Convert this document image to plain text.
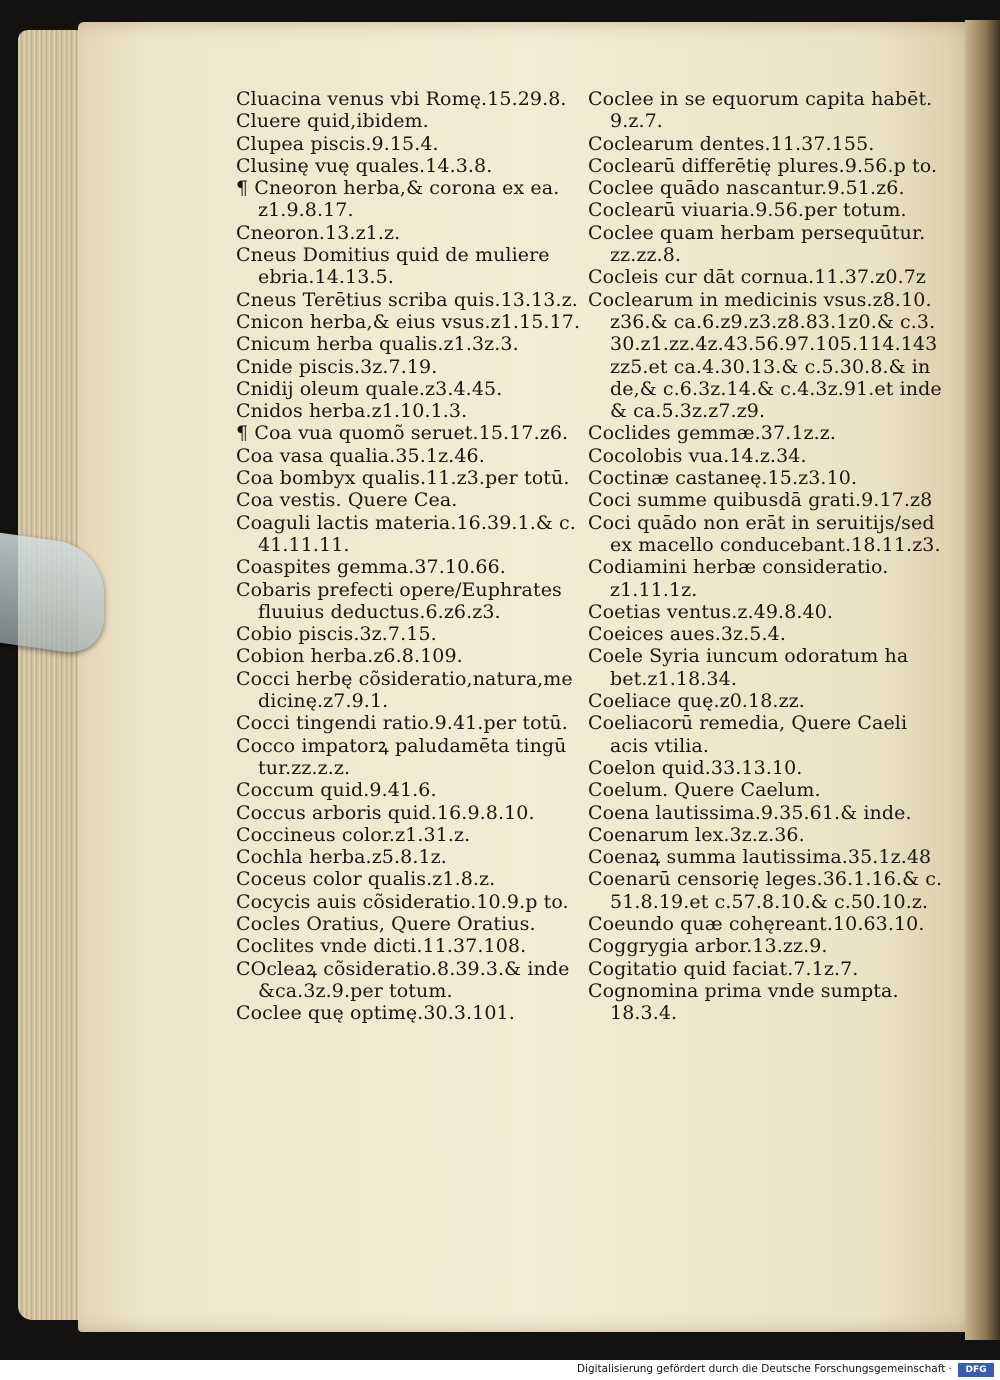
Cluacina venus vbi Romę.15.29.8.
Cluere quid,ibidem.
Clupea piscis.9.15.4.
Clusinę vuę quales.14.3.8.
¶ Cneoron herba,& corona ex ea.
z1.9.8.17.
Cneoron.13.z1.z.
Cneus Domitius quid de muliere
ebria.14.13.5.
Cneus Terētius scriba quis.13.13.z.
Cnicon herba,& eius vsus.z1.15.17.
Cnicum herba qualis.z1.3z.3.
Cnide piscis.3z.7.19.
Cnidij oleum quale.z3.4.45.
Cnidos herba.z1.10.1.3.
¶ Coa vua quomõ seruet.15.17.z6.
Coa vasa qualia.35.1z.46.
Coa bombyx qualis.11.z3.per totū.
Coa vestis. Quere Cea.
Coaguli lactis materia.16.39.1.& c.
41.11.11.
Coaspites gemma.37.10.66.
Cobaris prefecti opere/Euphrates
fluuius deductus.6.z6.z3.
Cobio piscis.3z.7.15.
Cobion herba.z6.8.109.
Cocci herbę cõsideratio,natura,me
dicinę.z7.9.1.
Cocci tingendi ratio.9.41.per totū.
Cocco impatorꝝ paludamēta tingū
tur.zz.z.z.
Coccum quid.9.41.6.
Coccus arboris quid.16.9.8.10.
Coccineus color.z1.31.z.
Cochla herba.z5.8.1z.
Coceus color qualis.z1.8.z.
Cocycis auis cõsideratio.10.9.p to.
Cocles Oratius, Quere Oratius.
Coclites vnde dicti.11.37.108.
COcleaꝝ cõsideratio.8.39.3.& inde
&ca.3z.9.per totum.
Coclee quę optimę.30.3.101.
Coclee in se equorum capita habēt.
9.z.7.
Coclearum dentes.11.37.155.
Coclearū differētię plures.9.56.p to.
Coclee quādo nascantur.9.51.z6.
Coclearū viuaria.9.56.per totum.
Coclee quam herbam persequūtur.
zz.zz.8.
Cocleis cur dāt cornua.11.37.z0.7z
Coclearum in medicinis vsus.z8.10.
z36.& ca.6.z9.z3.z8.83.1z0.& c.3.
30.z1.zz.4z.43.56.97.105.114.143
zz5.et ca.4.30.13.& c.5.30.8.& in
de,& c.6.3z.14.& c.4.3z.91.et inde
& ca.5.3z.z7.z9.
Coclides gemmæ.37.1z.z.
Cocolobis vua.14.z.34.
Coctinæ castaneę.15.z3.10.
Coci summe quibusdā grati.9.17.z8
Coci quādo non erāt in seruitijs/sed
ex macello conducebant.18.11.z3.
Codiamini herbæ consideratio.
z1.11.1z.
Coetias ventus.z.49.8.40.
Coeices aues.3z.5.4.
Coele Syria iuncum odoratum ha
bet.z1.18.34.
Coeliace quę.z0.18.zz.
Coeliacorū remedia, Quere Caeli
acis vtilia.
Coelon quid.33.13.10.
Coelum. Quere Caelum.
Coena lautissima.9.35.61.& inde.
Coenarum lex.3z.z.36.
Coenaꝝ summa lautissima.35.1z.48
Coenarū censorię leges.36.1.16.& c.
51.8.19.et c.57.8.10.& c.50.10.z.
Coeundo quæ cohęreant.10.63.10.
Coggrygia arbor.13.zz.9.
Cogitatio quid faciat.7.1z.7.
Cognomina prima vnde sumpta.
18.3.4.
Digitalisierung gefördert durch die Deutsche Forschungsgemeinschaft ·	DFG
